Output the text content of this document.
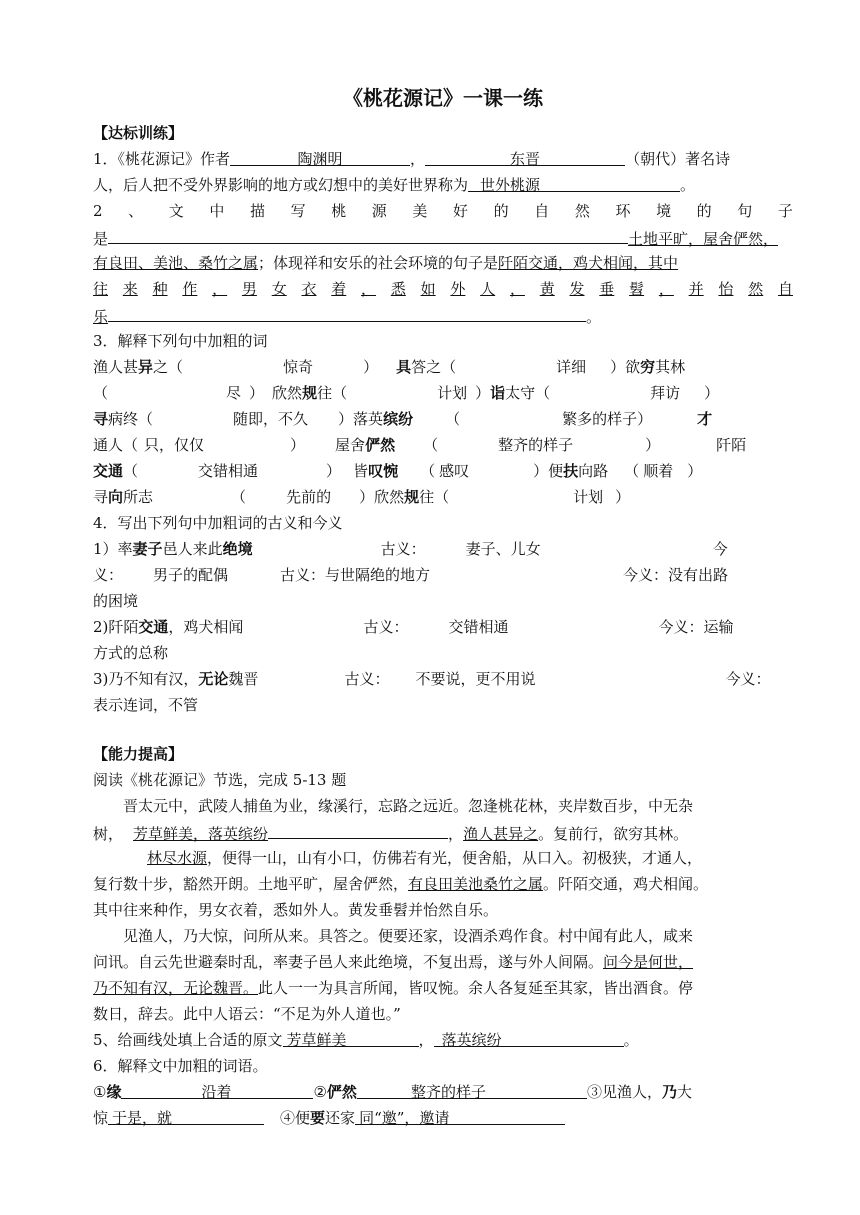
《桃花源记》一课一练
【达标训练】
1．《桃花源记》作者	陶渊明	，	东晋	（朝代）著名诗
人，后人把不受外界影响的地方或幻想中的美好世界称为 世外桃源	。
2 、 文 中 描 写 桃 源 美 好 的 自 然 环 境 的 句 子
是	土地平旷，屋舍俨然，
有良田、美池、桑竹之属；体现祥和安乐的社会环境的句子是阡陌交通，鸡犬相闻，其中
往 来 种 作 ， 男 女 衣 着 ， 悉 如 外 人 ， 黄 发 垂 髫 ， 并 怡 然 自
乐	。
3．解释下列句中加粗的词
渔人甚异之（	惊奇	） 具答之（	详细 ）欲穷其林
（	尽 ） 欣然规往（	计划 ）诣太守（	拜访 ）
寻病终（	随即，不久 ）落英缤纷 （	繁多的样子）	才
通人（ 只，仅仅	） 屋舍俨然 （	整齐的样子	）	阡陌
交通（	交错相通	） 皆叹惋 （ 感叹	）便扶向路 （ 顺着 ）
寻向所志	（	先前的 ）欣然规往（	计划 ）
4．写出下列句中加粗词的古义和今义
1）率妻子邑人来此绝境	古义：	妻子、儿女	今
义： 男子的配偶	古义：与世隔绝的地方	今义：没有出路
的困境
2)阡陌交通，鸡犬相闻	古义：	交错相通	今义：运输
方式的总称
3)乃不知有汉，无论魏晋	古义： 不要说，更不用说	今义：
表示连词，不管
【能力提高】
阅读《桃花源记》节选，完成 5-13 题
晋太元中，武陵人捕鱼为业，缘溪行，忘路之远近。忽逢桃花林，夹岸数百步，中无杂
树， 芳草鲜美，落英缤纷	，渔人甚异之。复前行，欲穷其林。
林尽水源，便得一山，山有小口，仿佛若有光，便舍船，从口入。初极狭，才通人，
复行数十步，豁然开朗。土地平旷，屋舍俨然，有良田美池桑竹之属。阡陌交通，鸡犬相闻。
其中往来种作，男女衣着，悉如外人。黄发垂髫并怡然自乐。
见渔人，乃大惊，问所从来。具答之。便要还家，设酒杀鸡作食。村中闻有此人，咸来
问讯。自云先世避秦时乱，率妻子邑人来此绝境，不复出焉，遂与外人间隔。问今是何世，
乃不知有汉，无论魏晋。此人一一为具言所闻，皆叹惋。余人各复延至其家，皆出酒食。停
数日，辞去。此中人语云：“不足为外人道也。”
5、给画线处填上合适的原文 芳草鲜美	， 落英缤纷	。
6．解释文中加粗的词语。
①缘	沿着	②俨然	整齐的样子	③见渔人，乃大
惊 于是，就	④便要还家 同“邀”，邀请
